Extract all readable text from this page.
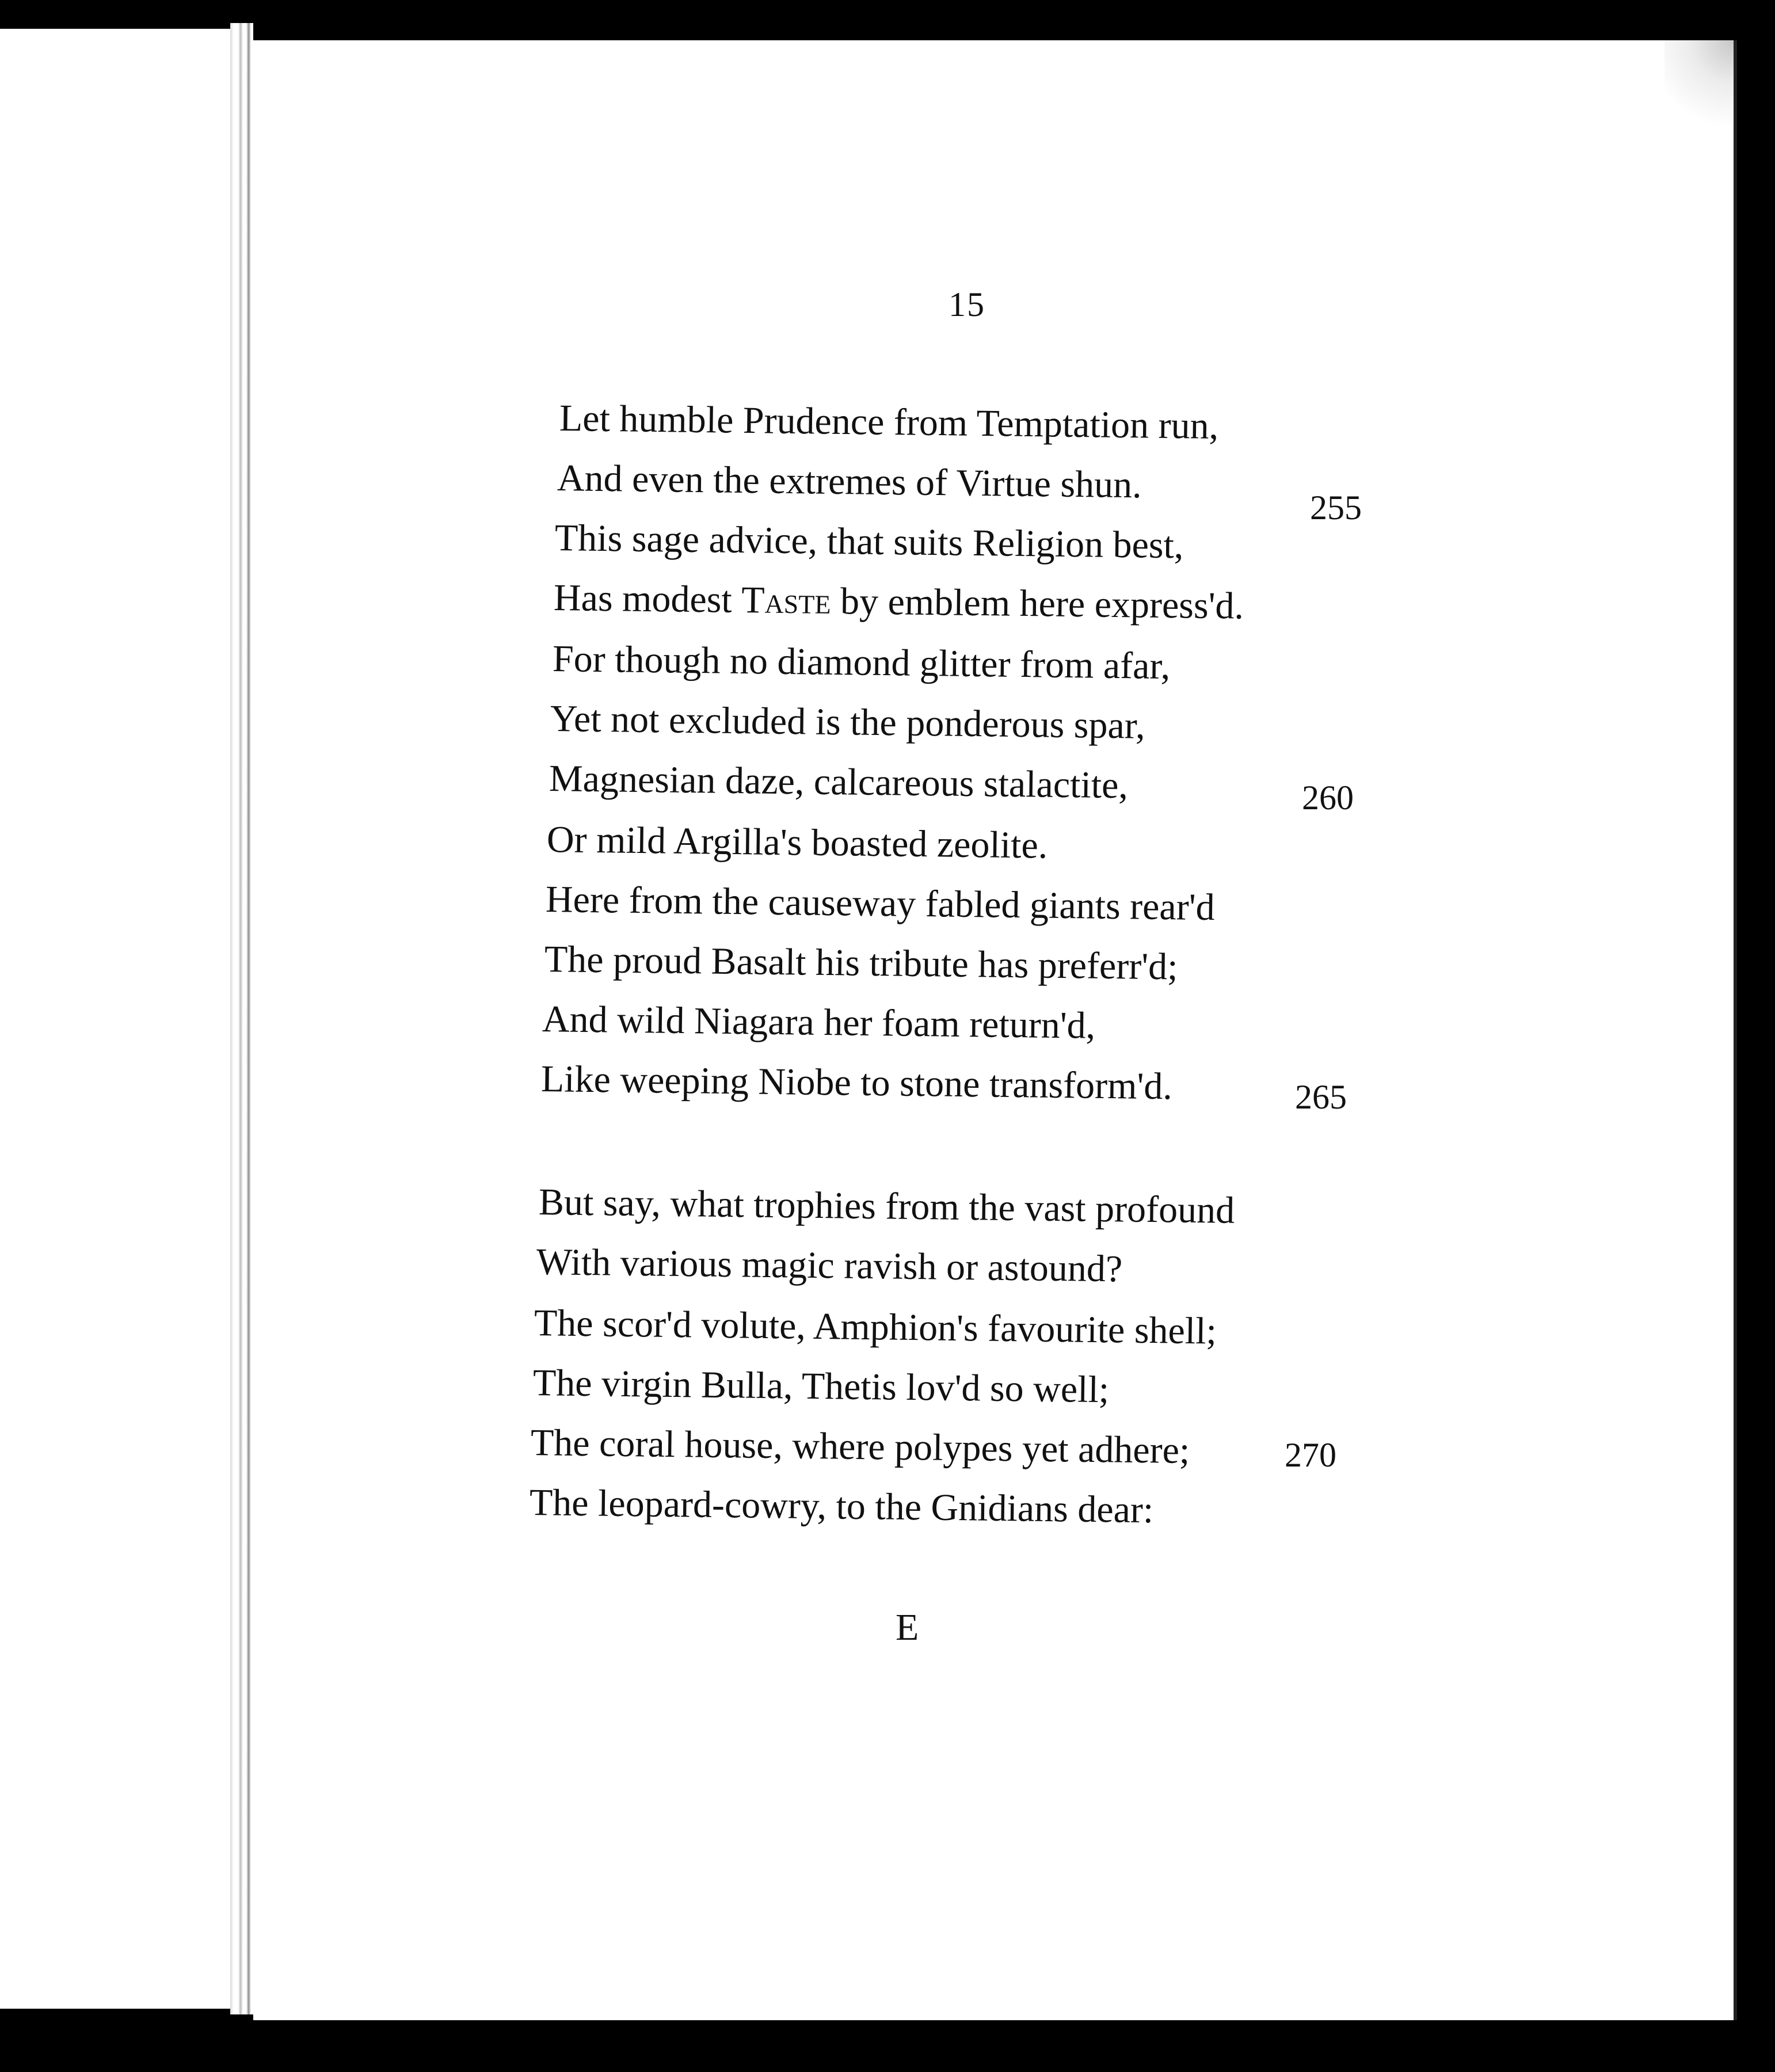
15
Let humble Prudence from Temptation run,
And even the extremes of Virtue shun.
255
This sage advice, that suits Religion best,
Has modest Taste by emblem here express'd.
For though no diamond glitter from afar,
Yet not excluded is the ponderous spar,
Magnesian daze, calcareous stalactite,	260
Or mild Argilla's boasted zeolite.
Here from the causeway fabled giants rear'd
The proud Basalt his tribute has preferr'd;
And wild Niagara her foam return'd,
Like weeping Niobe to stone transform'd.	265
But say, what trophies from the vast profound
With various magic ravish or astound?
The scor'd volute, Amphion's favourite shell;
The virgin Bulla, Thetis lov'd so well;
The coral house, where polypes yet adhere;	270
The leopard-cowry, to the Gnidians dear:
E
